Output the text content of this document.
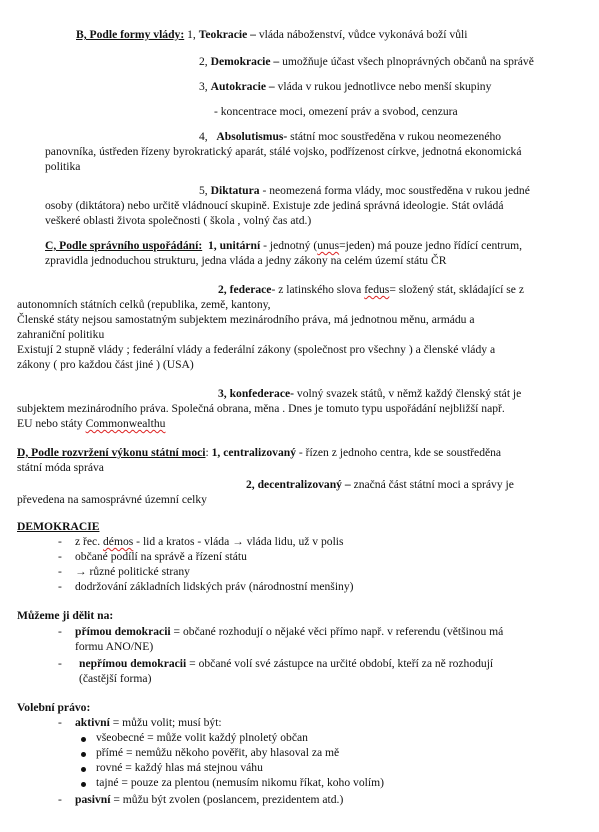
B, Podle formy vlády: 1, Teokracie – vláda náboženství, vůdce vykonává boží vůli
2, Demokracie – umožňuje účast všech plnoprávných občanů na správě
3, Autokracie – vláda v rukou jednotlivce nebo menší skupiny
- koncentrace moci, omezení práv a svobod, cenzura
4, Absolutismus- státní moc soustředěna v rukou neomezeného
panovníka, ústředen řízeny byrokratický aparát, stálé vojsko, podřízenost církve, jednotná ekonomická
politika
5, Diktatura - neomezená forma vlády, moc soustředěna v rukou jedné
osoby (diktátora) nebo určitě vládnoucí skupině. Existuje zde jediná správná ideologie. Stát ovládá
veškeré oblasti života společnosti ( škola , volný čas atd.)
C, Podle správního uspořádání: 1, unitární - jednotný (unus=jeden) má pouze jedno řídící centrum,
zpravidla jednoduchou strukturu, jedna vláda a jedny zákony na celém území státu ČR
2, federace- z latinského slova fedus= složený stát, skládající se z
autonomních státních celků (republika, země, kantony,
Členské státy nejsou samostatným subjektem mezinárodního práva, má jednotnou měnu, armádu a
zahraniční politiku
Existují 2 stupně vlády ; federální vlády a federální zákony (společnost pro všechny ) a členské vlády a
zákony ( pro každou část jiné ) (USA)
3, konfederace- volný svazek států, v němž každý členský stát je
subjektem mezinárodního práva. Společná obrana, měna . Dnes je tomuto typu uspořádání nejbližší např.
EU nebo státy Commonwealthu
D, Podle rozvržení výkonu státní moci: 1, centralizovaný - řízen z jednoho centra, kde se soustředěna
státní móda správa
2, decentralizovaný – značná část státní moci a správy je
převedena na samosprávné územní celky
DEMOKRACIE
- z řec. démos - lid a kratos - vláda → vláda lidu, už v polis
- občané podílí na správě a řízení státu
- → různé politické strany
- dodržování základních lidských práv (národnostní menšiny)
Můžeme ji dělit na:
- přímou demokracii = občané rozhodují o nějaké věci přímo např. v referendu (většinou má
formu ANO/NE)
- nepřímou demokracii = občané volí své zástupce na určité období, kteří za ně rozhodují
(častější forma)
Volební právo:
- aktivní = můžu volit; musí být:
všeobecné = může volit každý plnoletý občan
přímé = nemůžu někoho pověřit, aby hlasoval za mě
rovné = každý hlas má stejnou váhu
tajné = pouze za plentou (nemusím nikomu říkat, koho volím)
- pasivní = můžu být zvolen (poslancem, prezidentem atd.)
